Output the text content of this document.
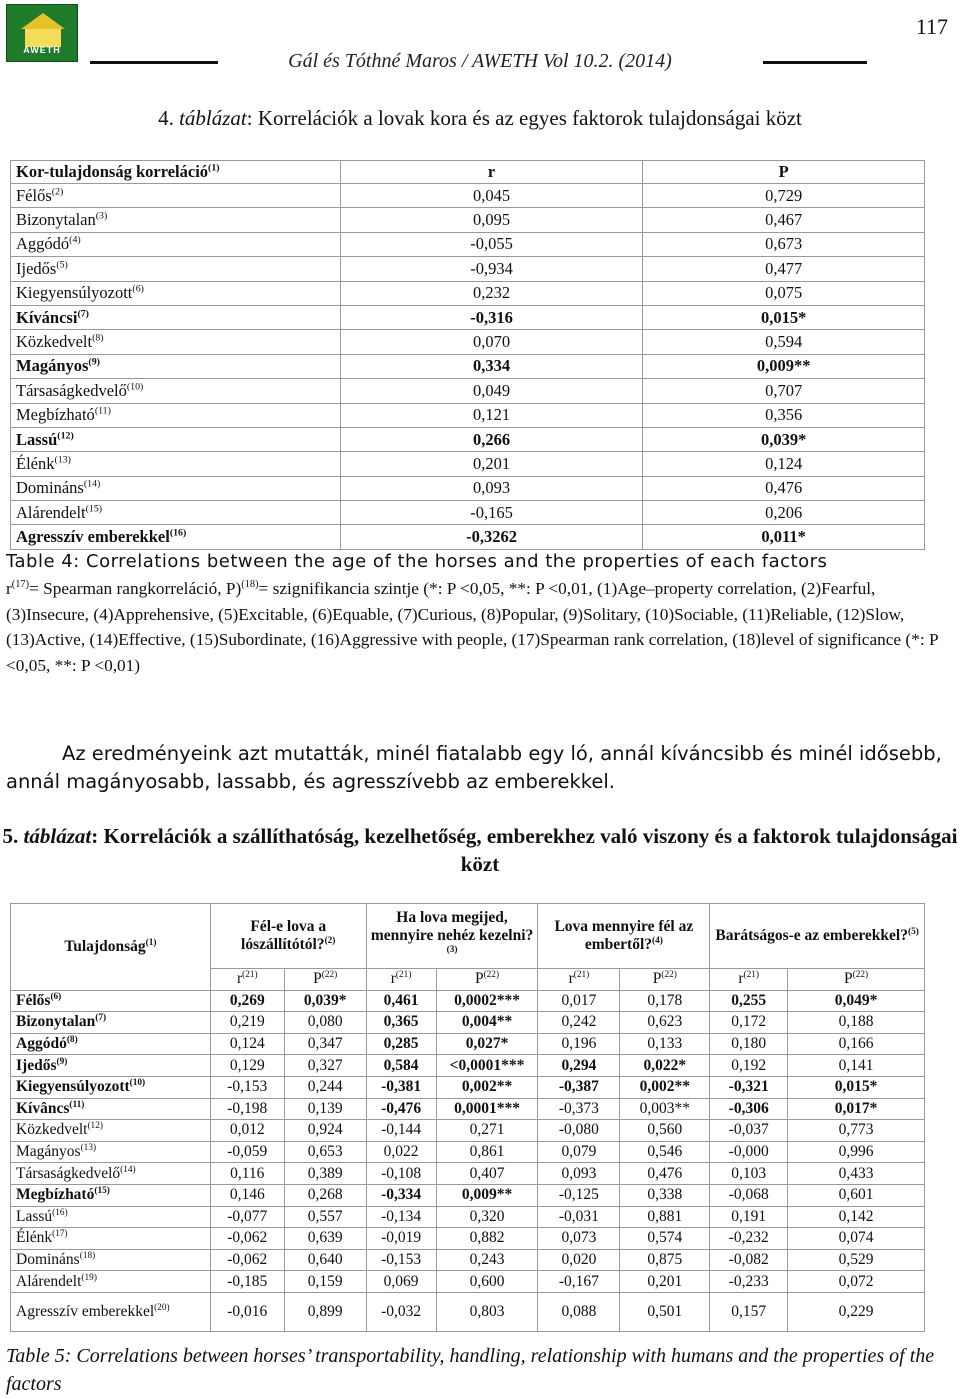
AWETH	Gál és Tóthné Maros / AWETH Vol 10.2. (2014)
117
4. táblázat: Korrelációk a lovak kora és az egyes faktorok tulajdonságai közt
Kor-tulajdonság korreláció$^{(1)}$	r	P
Félős$^{(2)}$	0,045	0,729
Bizonytalan$^{(3)}$	0,095	0,467
Aggódó$^{(4)}$	-0,055	0,673
Ijedős$^{(5)}$	-0,934	0,477
Kiegyensúlyozott$^{(6)}$	0,232	0,075
Kíváncsi$^{(7)}$	-0,316	0,015*
Közkedvelt$^{(8)}$	0,070	0,594
Magányos$^{(9)}$	0,334	0,009**
Társaságkedvelő$^{(10)}$	0,049	0,707
Megbízható$^{(11)}$	0,121	0,356
Lassú$^{(12)}$	0,266	0,039*
Élénk$^{(13)}$	0,201	0,124
Domináns$^{(14)}$	0,093	0,476
Alárendelt$^{(15)}$	-0,165	0,206
Agresszív emberekkel$^{(16)}$	-0,3262	0,011*
Table 4: Correlations between the age of the horses and the properties of each factors
$r^{(17)}=$ Spearman rangkorreláció, P)$^{(18)}$= szignifikancia szintje (*: P <0,05, **: P <0,01, (1)Age–property correlation, (2)Fearful, (3)Insecure, (4)Apprehensive, (5)Excitable, (6)Equable, (7)Curious, (8)Popular, (9)Solitary, (10)Sociable, (11)Reliable, (12)Slow, (13)Active, (14)Effective, (15)Subordinate, (16)Aggressive with people, (17)Spearman rank correlation, (18)level of significance (*: P <0,05, **: P <0,01)
Az eredményeink azt mutatták, minél fiatalabb egy ló, annál kíváncsibb és minél idősebb, annál magányosabb, lassabb, és agresszívebb az emberekkel.
5. táblázat: Korrelációk a szállíthatóság, kezelhetőség, emberekhez való viszony és a faktorok tulajdonságai közt
Tulajdonság$^{(1)}$	Fél-e lova a lószállítótól?$^{(2)}$		Ha lova megijed, mennyire nehéz kezelni?$^{(3)}$		Lova mennyire fél az embertől?$^{(4)}$		Barátságos-e az emberekkel?$^{(5)}$
	$r^{(21)}$	$P^{(22)}$	$r^{(21)}$	$P^{(22)}$	$r^{(21)}$	$P^{(22)}$	$r^{(21)}$	$P^{(22)}$
Félős$^{(6)}$	0,269	0,039*	0,461	0,0002***	0,017	0,178	0,255	0,049*
Bizonytalan$^{(7)}$	0,219	0,080	0,365	0,004**	0,242	0,623	0,172	0,188
Aggódó$^{(8)}$	0,124	0,347	0,285	0,027*	0,196	0,133	0,180	0,166
Ijedős$^{(9)}$	0,129	0,327	0,584	<0,0001***	0,294	0,022*	0,192	0,141
Kiegyensúlyozott$^{(10)}$	-0,153	0,244	-0,381	0,002**	-0,387	0,002**	-0,321	0,015*
Kívâncs$^{(11)}$	-0,198	0,139	-0,476	0,0001***	-0,373	0,003**	-0,306	0,017*
Közkedvelt$^{(12)}$	0,012	0,924	-0,144	0,271	-0,080	0,560	-0,037	0,773
Magányos$^{(13)}$	-0,059	0,653	0,022	0,861	0,079	0,546	-0,000	0,996
Társaságkedvelő$^{(14)}$	0,116	0,389	-0,108	0,407	0,093	0,476	0,103	0,433
Megbízható$^{(15)}$	0,146	0,268	-0,334	0,009**	-0,125	0,338	-0,068	0,601
Lassú$^{(16)}$	-0,077	0,557	-0,134	0,320	-0,031	0,881	0,191	0,142
Élénk$^{(17)}$	-0,062	0,639	-0,019	0,882	0,073	0,574	-0,232	0,074
Domináns$^{(18)}$	-0,062	0,640	-0,153	0,243	0,020	0,875	-0,082	0,529
Alárendelt$^{(19)}$	-0,185	0,159	0,069	0,600	-0,167	0,201	-0,233	0,072
Agresszív emberekkel$^{(20)}$	-0,016	0,899	-0,032	0,803	0,088	0,501	0,157	0,229
Table 5: Correlations between horses’ transportability, handling, relationship with humans and the properties of the factors
